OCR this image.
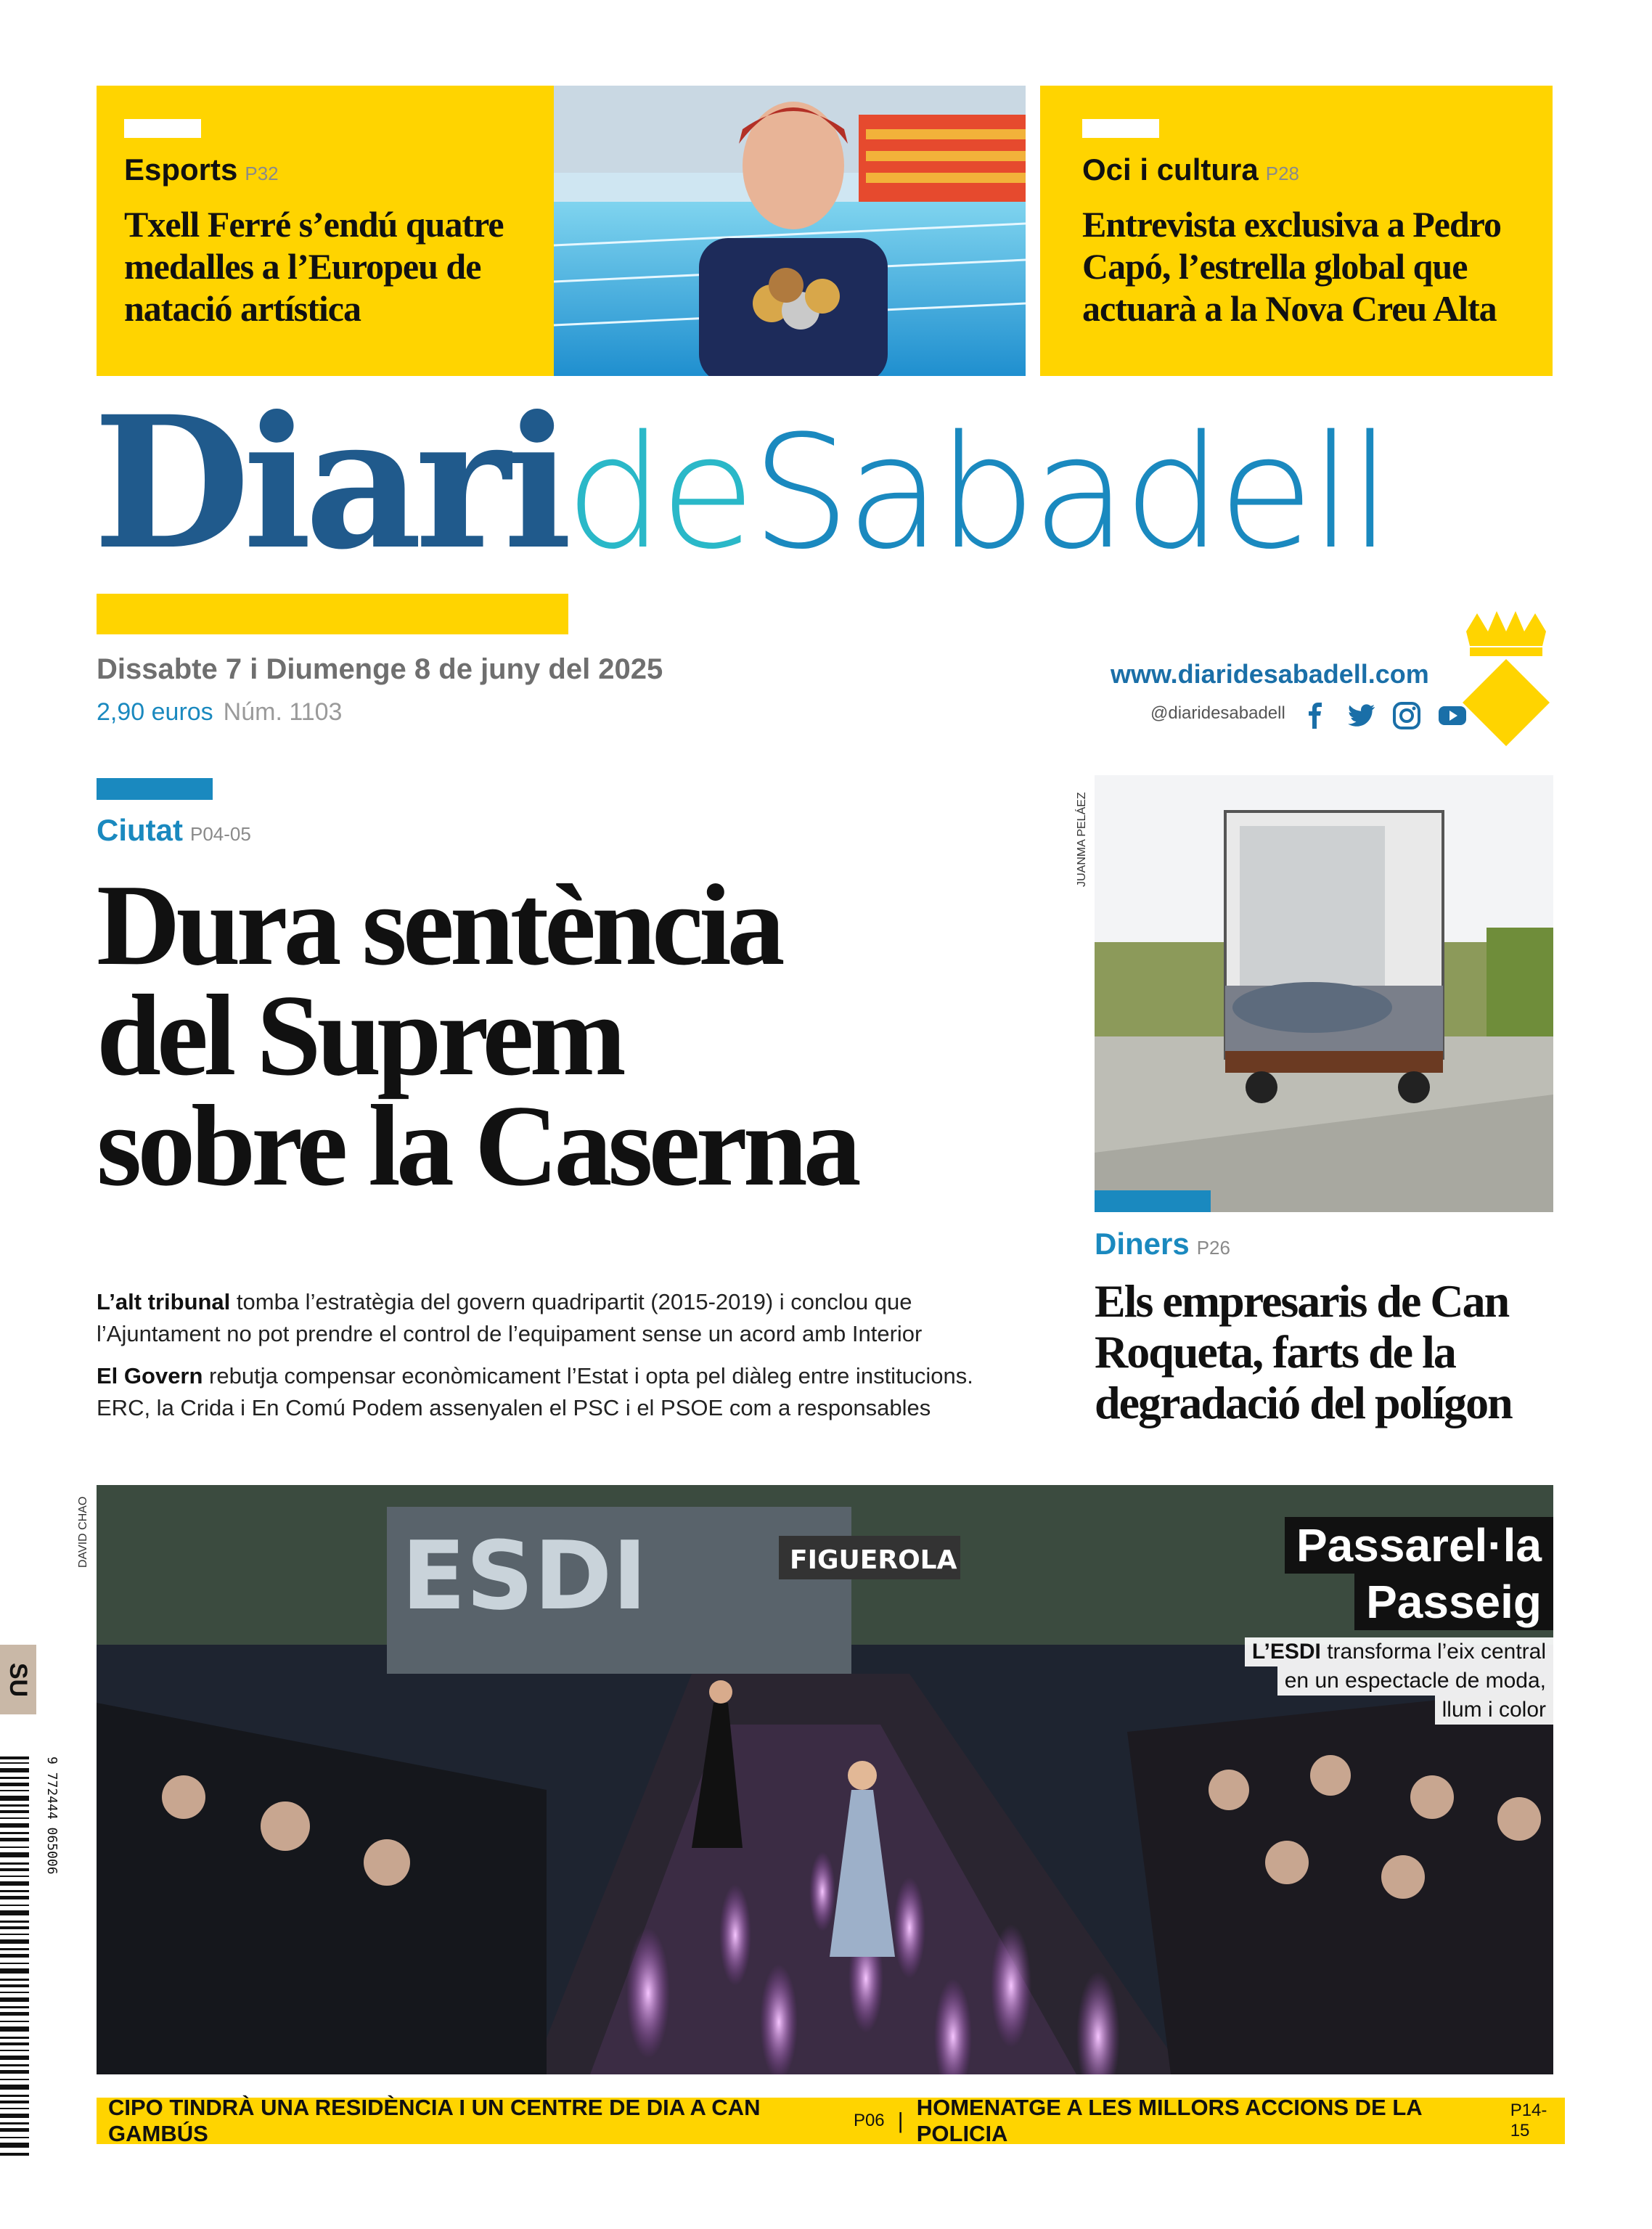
Esports P32
Txell Ferré s’endú quatre medalles a l’Europeu de natació artística
Oci i cultura P28
Entrevista exclusiva a Pedro Capó, l’estrella global que actuarà a la Nova Creu Alta
DiarideSabadell
Dissabte 7 i Diumenge 8 de juny del 2025
2,90 euros Núm. 1103
www.diaridesabadell.com
@diaridesabadell
Ciutat P04-05
Dura sentència
del Suprem
sobre la Caserna
L’alt tribunal tomba l’estratègia del govern quadripartit (2015-2019) i conclou que
l’Ajuntament no pot prendre el control de l’equipament sense un acord amb Interior
El Govern rebutja compensar econòmicament l’Estat i opta pel diàleg entre institucions.
ERC, la Crida i En Comú Podem assenyalen el PSC i el PSOE com a responsables
JUANMA PELÁEZ
Diners P26
Els empresaris de Can Roqueta, farts de la degradació del polígon
DAVID CHAO	ESDI	FIGUEROLA	Passarel·la
Passeig
L’ESDI transforma l’eix central
en un espectacle de moda,
llum i color
SU
9 772444 065006
CIPO TINDRÀ UNA RESIDÈNCIA I UN CENTRE DE DIA A CAN GAMBÚS
P06 |
HOMENATGE A LES MILLORS ACCIONS DE LA POLICIA
P14-15
